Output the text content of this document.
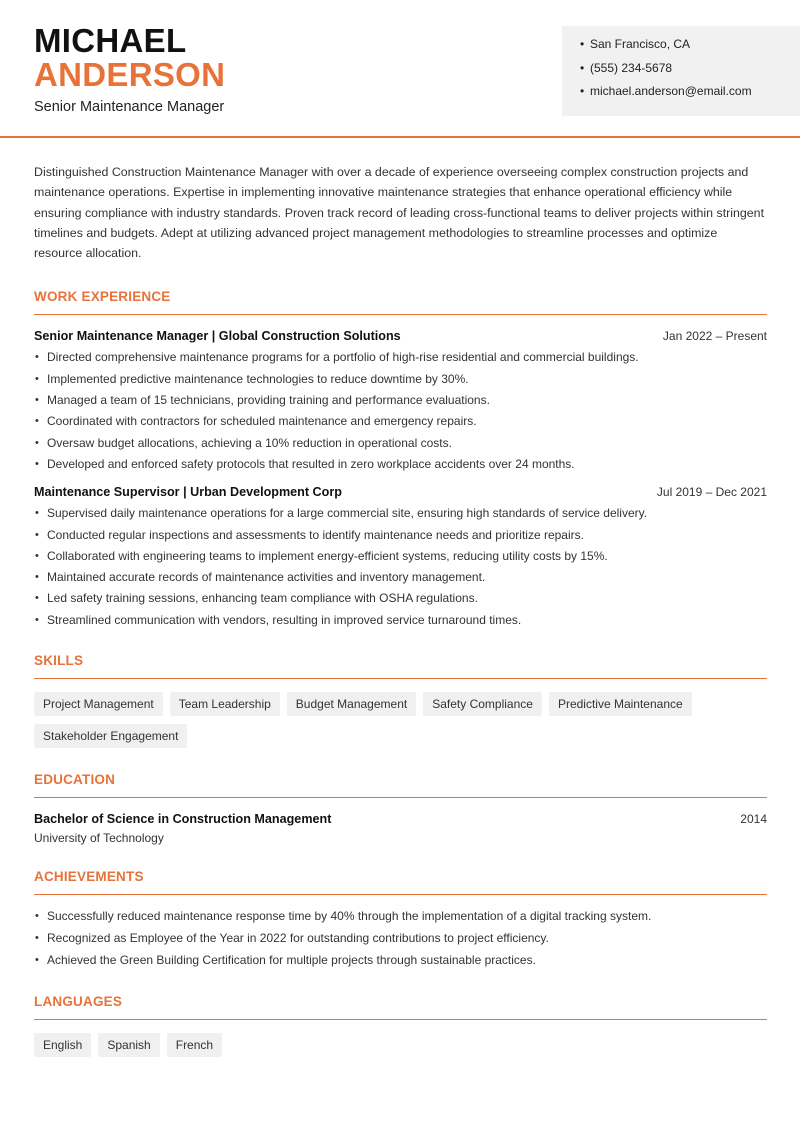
MICHAEL
ANDERSON
Senior Maintenance Manager
• San Francisco, CA
• (555) 234-5678
• michael.anderson@email.com

Distinguished Construction Maintenance Manager with over a decade of experience overseeing complex construction projects and maintenance operations. Expertise in implementing innovative maintenance strategies that enhance operational efficiency while ensuring compliance with industry standards. Proven track record of leading cross-functional teams to deliver projects within stringent timelines and budgets. Adept at utilizing advanced project management methodologies to streamline processes and optimize resource allocation.

WORK EXPERIENCE
Senior Maintenance Manager | Global Construction Solutions	Jan 2022 – Present
• Directed comprehensive maintenance programs for a portfolio of high-rise residential and commercial buildings.
• Implemented predictive maintenance technologies to reduce downtime by 30%.
• Managed a team of 15 technicians, providing training and performance evaluations.
• Coordinated with contractors for scheduled maintenance and emergency repairs.
• Oversaw budget allocations, achieving a 10% reduction in operational costs.
• Developed and enforced safety protocols that resulted in zero workplace accidents over 24 months.
Maintenance Supervisor | Urban Development Corp	Jul 2019 – Dec 2021
• Supervised daily maintenance operations for a large commercial site, ensuring high standards of service delivery.
• Conducted regular inspections and assessments to identify maintenance needs and prioritize repairs.
• Collaborated with engineering teams to implement energy-efficient systems, reducing utility costs by 15%.
• Maintained accurate records of maintenance activities and inventory management.
• Led safety training sessions, enhancing team compliance with OSHA regulations.
• Streamlined communication with vendors, resulting in improved service turnaround times.
SKILLS
Project Management	Team Leadership	Budget Management	Safety Compliance	Predictive Maintenance
Stakeholder Engagement
EDUCATION
Bachelor of Science in Construction Management	2014
University of Technology
ACHIEVEMENTS
• Successfully reduced maintenance response time by 40% through the implementation of a digital tracking system.
• Recognized as Employee of the Year in 2022 for outstanding contributions to project efficiency.
• Achieved the Green Building Certification for multiple projects through sustainable practices.
LANGUAGES
English	Spanish	French
